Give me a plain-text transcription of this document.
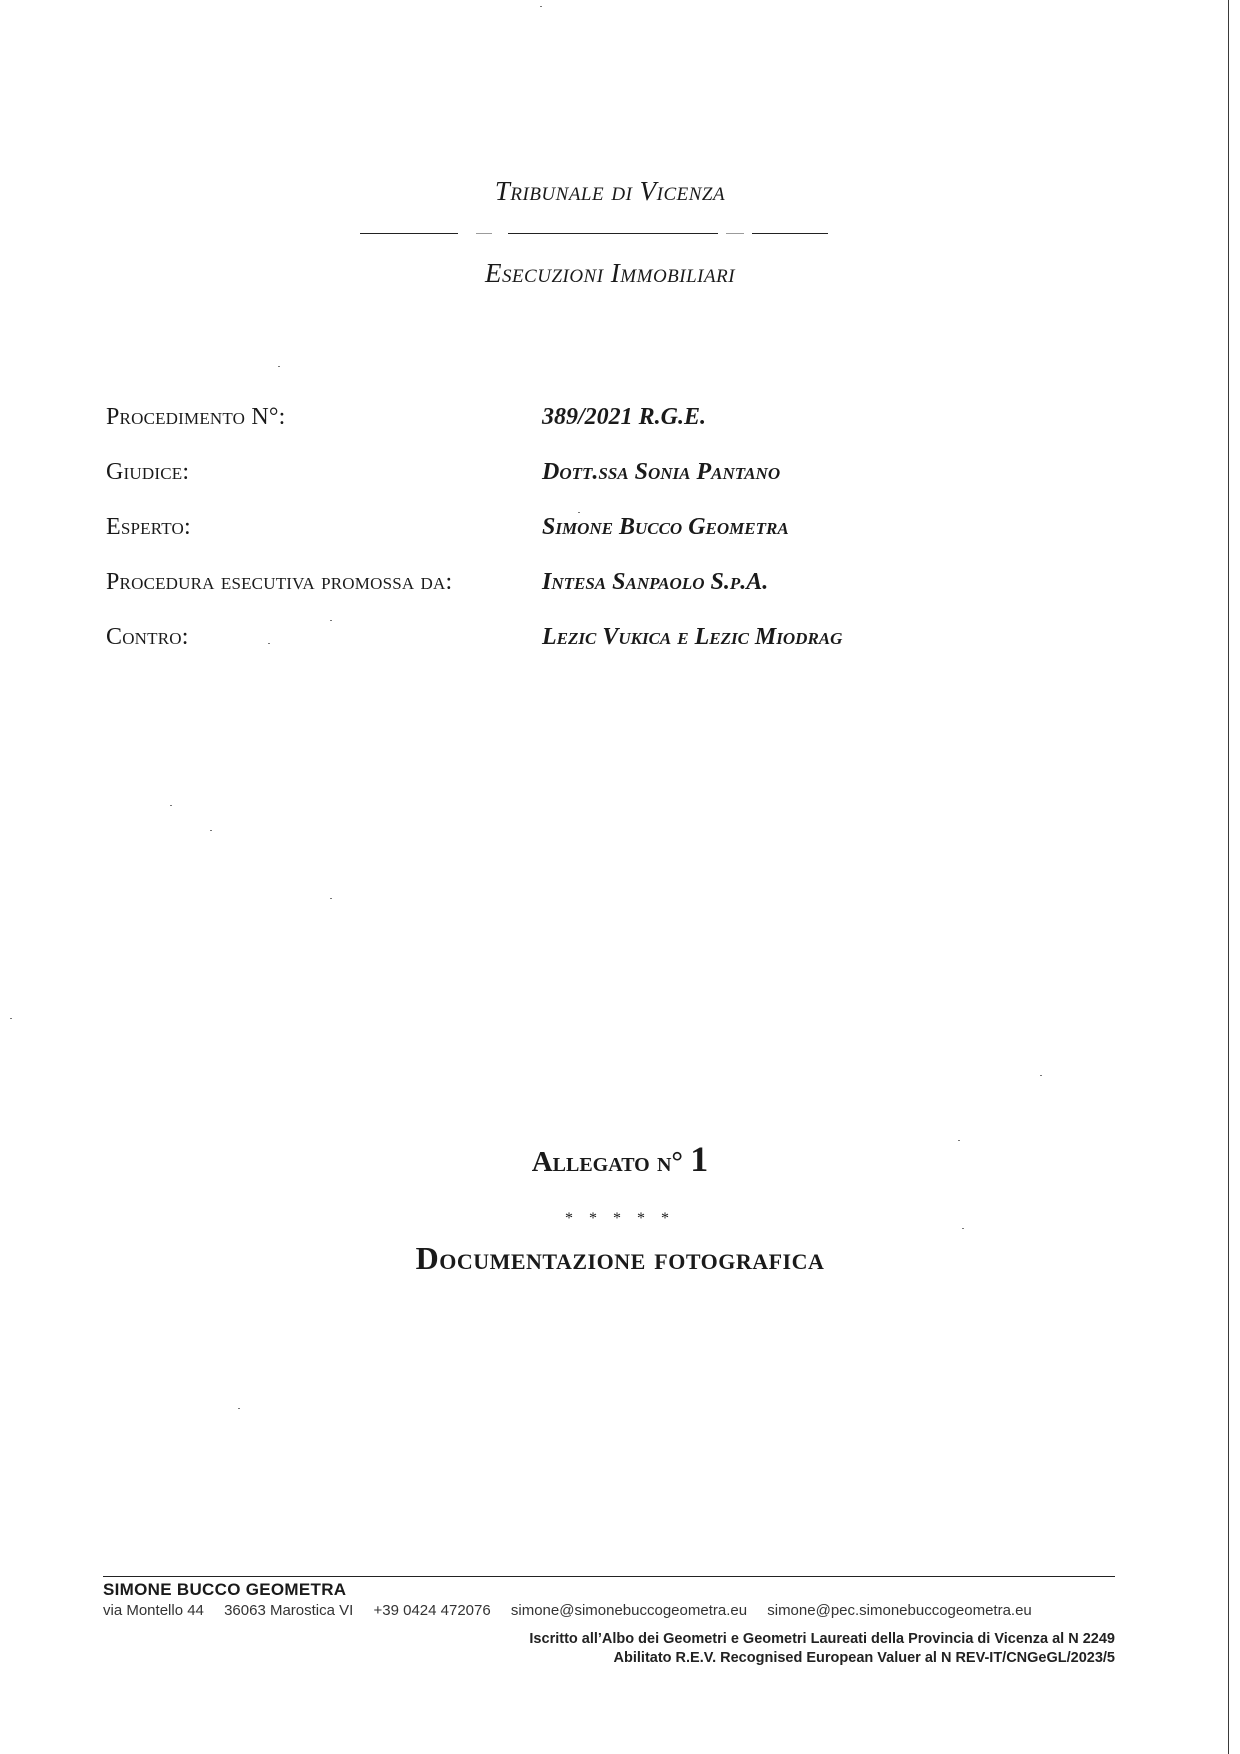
Tribunale di Vicenza
Esecuzioni Immobiliari
Procedimento N°:	389/2021 R.G.E.
Giudice:	Dott.ssa Sonia Pantano
Esperto:	Simone Bucco Geometra
Procedura esecutiva promossa da:	Intesa Sanpaolo S.p.A.
Contro:	Lezic Vukica e Lezic Miodrag
Allegato n° 1
* * * * *
Documentazione fotografica
SIMONE BUCCO GEOMETRA
via Montello 44 36063 Marostica VI +39 0424 472076 simone@simonebuccogeometra.eu simone@pec.simonebuccogeometra.eu
Iscritto all’Albo dei Geometri e Geometri Laureati della Provincia di Vicenza al N 2249
Abilitato R.E.V. Recognised European Valuer al N REV-IT/CNGeGL/2023/5
